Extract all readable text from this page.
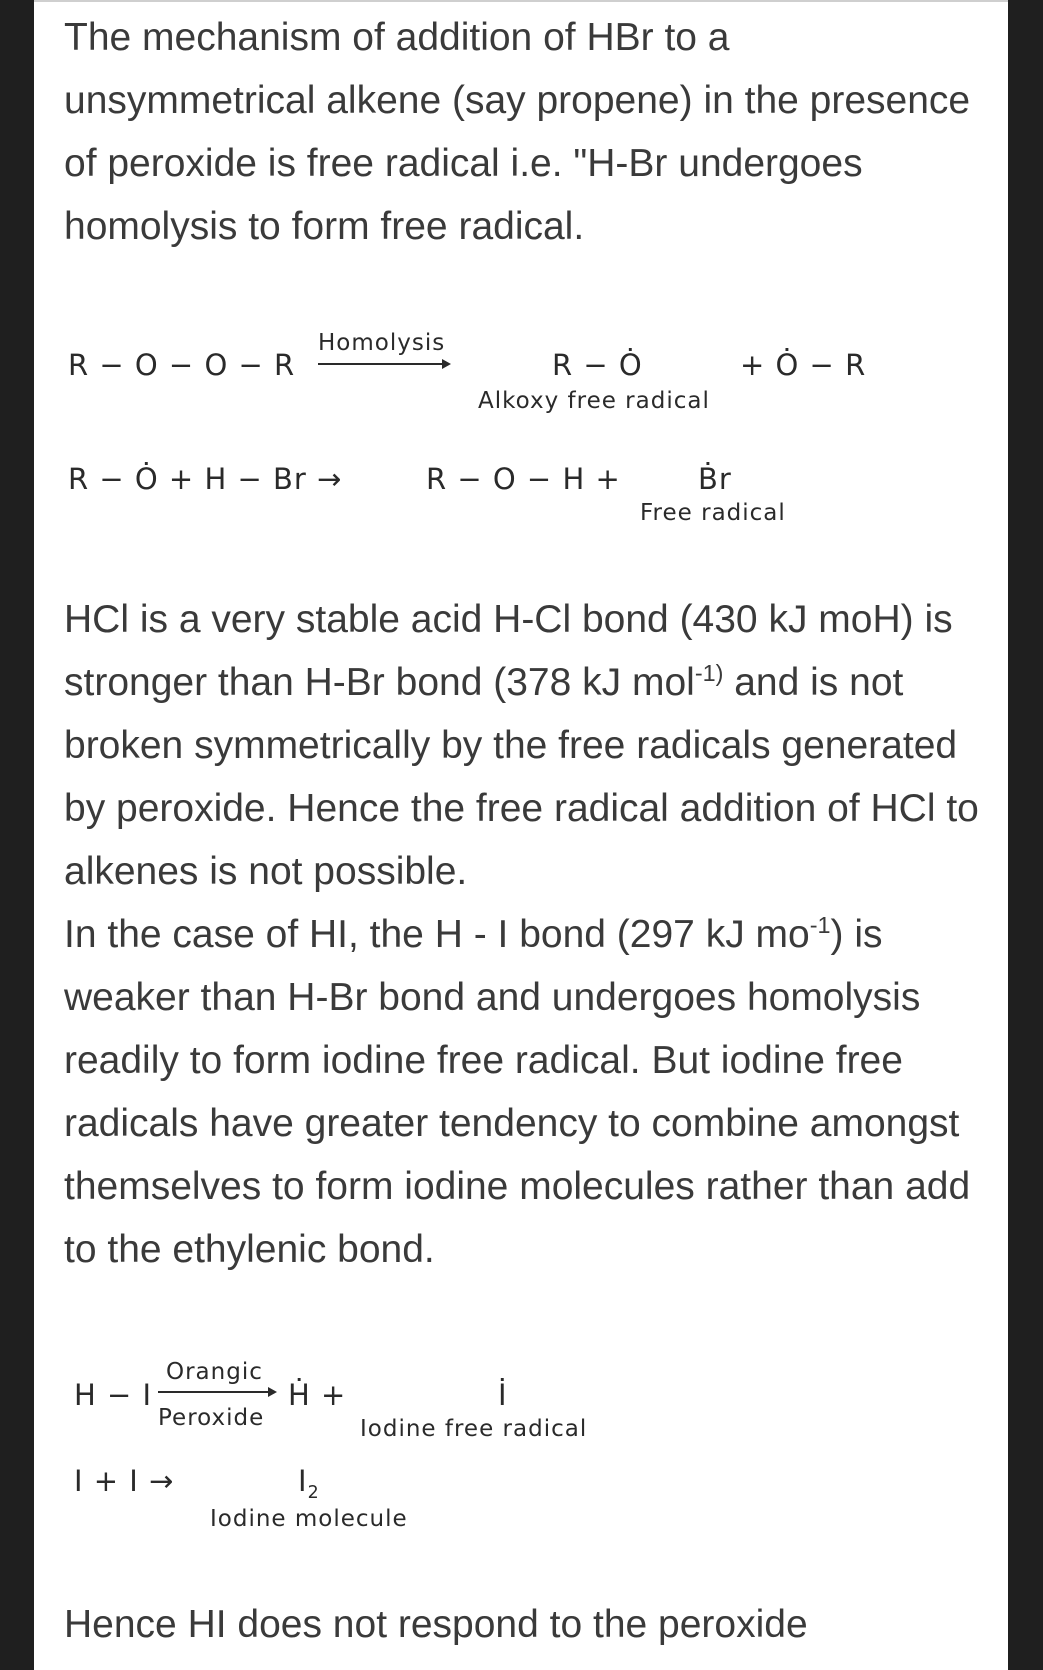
The mechanism of addition of HBr to a unsymmetrical alkene (say propene) in the presence of peroxide is free radical i.e. "H-Br undergoes homolysis to form free radical.
R − O − O − R
Homolysis
R − Ȯ	+ Ȯ − R
Alkoxy free radical
R − Ȯ + H − Br →	R − O − H +	Ḃr
Free radical
HCl is a very stable acid H-Cl bond (430 kJ moH) is stronger than H-Br bond (378 kJ mol$^{-1)}$ and is not broken symmetrically by the free radicals generated by peroxide. Hence the free radical addition of HCl to alkenes is not possible.
In the case of HI, the H - I bond (297 kJ $mo^{-1}$) is weaker than H-Br bond and undergoes homolysis readily to form iodine free radical. But iodine free radicals have greater tendency to combine amongst themselves to form iodine molecules rather than add to the ethylenic bond.
H − I
Orangic
Peroxide
Ḣ +	İ
Iodine free radical
I + I →	$I_2$
Iodine molecule
Hence HI does not respond to the peroxide
